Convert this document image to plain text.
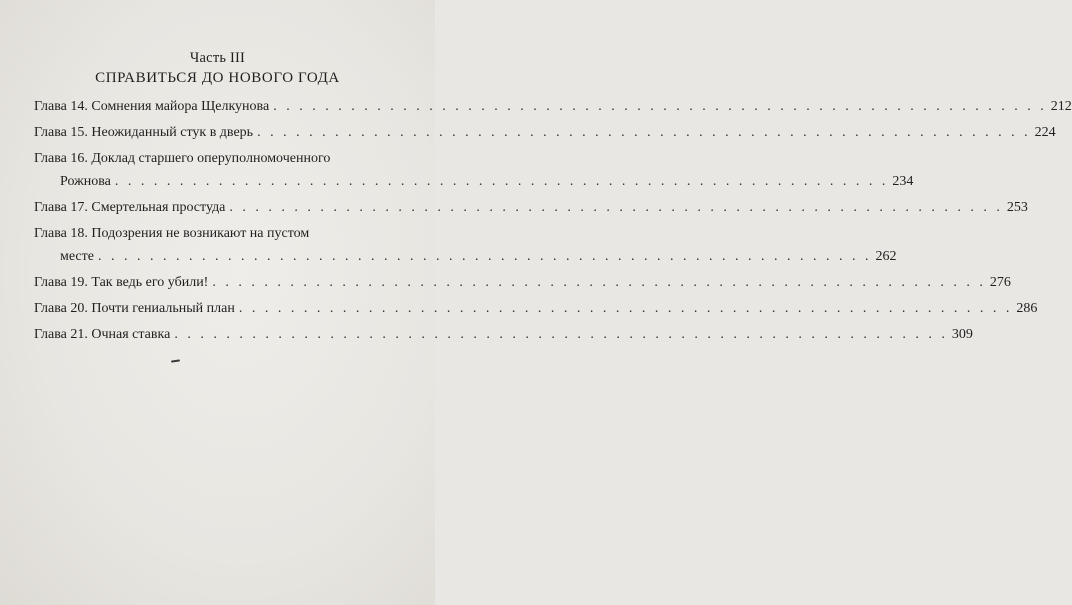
Часть III
СПРАВИТЬСЯ ДО НОВОГО ГОДА
Глава 14. Сомнения майора Щелкунова . . . . . . . . . . . . . . . . . . . . . . . . . . . . . . . . . . . . . . . . . . . . . . . . . . . . . . . . . . . . 212
Глава 15. Неожиданный стук в дверь . . . . . . . . . . . . . . . . . . . . . . . . . . . . . . . . . . . . . . . . . . . . . . . . . . . . . . . . . . . . 224
Глава 16. Доклад старшего оперуполномоченного
Рожнова . . . . . . . . . . . . . . . . . . . . . . . . . . . . . . . . . . . . . . . . . . . . . . . . . . . . . . . . . . . . 234
Глава 17. Смертельная простуда . . . . . . . . . . . . . . . . . . . . . . . . . . . . . . . . . . . . . . . . . . . . . . . . . . . . . . . . . . . . 253
Глава 18. Подозрения не возникают на пустом
месте . . . . . . . . . . . . . . . . . . . . . . . . . . . . . . . . . . . . . . . . . . . . . . . . . . . . . . . . . . . . 262
Глава 19. Так ведь его убили! . . . . . . . . . . . . . . . . . . . . . . . . . . . . . . . . . . . . . . . . . . . . . . . . . . . . . . . . . . . . 276
Глава 20. Почти гениальный план . . . . . . . . . . . . . . . . . . . . . . . . . . . . . . . . . . . . . . . . . . . . . . . . . . . . . . . . . . . . 286
Глава 21. Очная ставка . . . . . . . . . . . . . . . . . . . . . . . . . . . . . . . . . . . . . . . . . . . . . . . . . . . . . . . . . . . . 309
